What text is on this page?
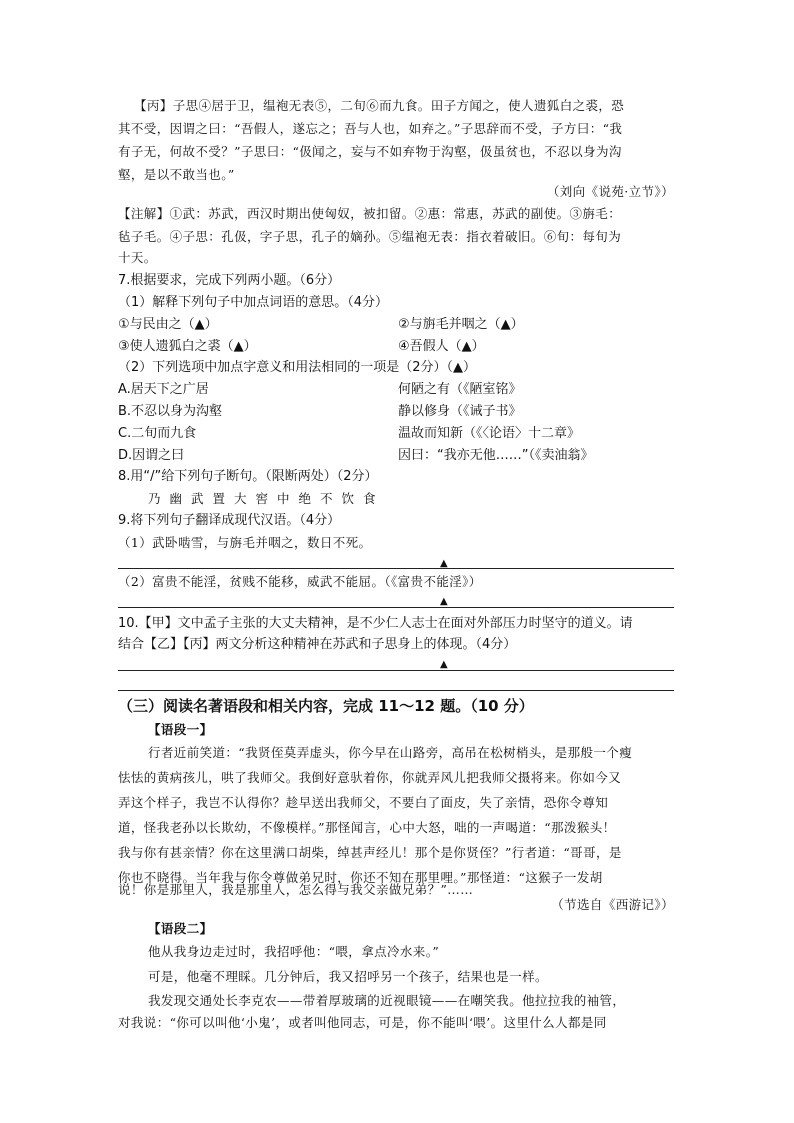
【丙】子思④居于卫，缊袍无表⑤，二旬⑥而九食。田子方闻之，使人遗狐白之裘，恐
其不受，因谓之曰：“吾假人，遂忘之；吾与人也，如弃之。”子思辞而不受，子方曰：“我
有子无，何故不受？”子思曰：“伋闻之，妄与不如弃物于沟壑，伋虽贫也，不忍以身为沟
壑，是以不敢当也。”
（刘向《说苑·立节》）
【注解】①武：苏武，西汉时期出使匈奴，被扣留。②惠：常惠，苏武的副使。③旃毛：
毡子毛。④子思：孔伋，字子思，孔子的嫡孙。⑤缊袍无表：指衣着破旧。⑥旬：每旬为
十天。
7.根据要求，完成下列两小题。（6分）
（1）解释下列句子中加点词语的意思。（4分）
①与民由之（▲）	②与旃毛并咽之（▲）
③使人遗狐白之裘（▲）	④吾假人（▲）
（2）下列选项中加点字意义和用法相同的一项是（2分）（▲）
A.居天下之广居	何陋之有（《陋室铭》
B.不忍以身为沟壑	静以修身（《诫子书》
C.二旬而九食	温故而知新（《〈论语〉十二章》
D.因谓之曰	因曰：“我亦无他……”（《卖油翁》
8.用“/”给下列句子断句。（限断两处）（2分）
乃幽武置大窖中绝不饮食
9.将下列句子翻译成现代汉语。（4分）
（1）武卧啮雪，与旃毛并咽之，数日不死。
▲
（2）富贵不能淫，贫贱不能移，威武不能屈。（《富贵不能淫》）
▲
10.【甲】文中孟子主张的大丈夫精神，是不少仁人志士在面对外部压力时坚守的道义。请
结合【乙】【丙】两文分析这种精神在苏武和子思身上的体现。（4分）
▲
（三）阅读名著语段和相关内容，完成 11～12 题。（10 分）
【语段一】
行者近前笑道：“我贤侄莫弄虚头，你今早在山路旁，高吊在松树梢头，是那般一个瘦
怯怯的黄病孩儿，哄了我师父。我倒好意驮着你，你就弄风儿把我师父摄将来。你如今又
弄这个样子，我岂不认得你？趁早送出我师父，不要白了面皮，失了亲情，恐你令尊知
道，怪我老孙以长欺幼，不像模样。”那怪闻言，心中大怒，咄的一声喝道：“那泼猴头！
我与你有甚亲情？你在这里满口胡柴，绰甚声经儿！那个是你贤侄？”行者道：“哥哥，是
你也不晓得。当年我与你令尊做弟兄时，你还不知在那里哩。”那怪道：“这猴子一发胡
说！你是那里人，我是那里人，怎么得与我父亲做兄弟？”……
（节选自《西游记》）
【语段二】
他从我身边走过时，我招呼他：“喂，拿点冷水来。”
可是，他毫不理睬。几分钟后，我又招呼另一个孩子，结果也是一样。
我发现交通处长李克农——带着厚玻璃的近视眼镜——在嘲笑我。他拉拉我的袖管，
对我说：“你可以叫他‘小鬼’，或者叫他同志，可是，你不能叫‘喂’。这里什么人都是同
